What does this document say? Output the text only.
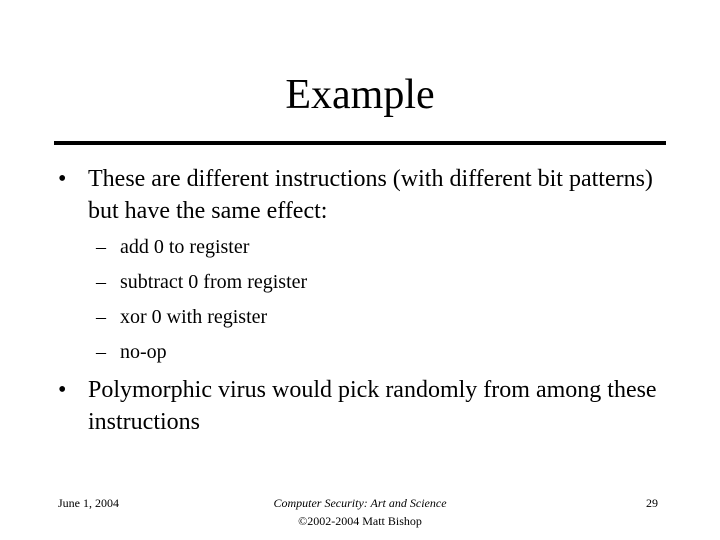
Example
• These are different instructions (with different bit patterns) but have the same effect:
– add 0 to register
– subtract 0 from register
– xor 0 with register
– no-op
• Polymorphic virus would pick randomly from among these instructions
June 1, 2004	Computer Security: Art and Science
©2002-2004 Matt Bishop
29
